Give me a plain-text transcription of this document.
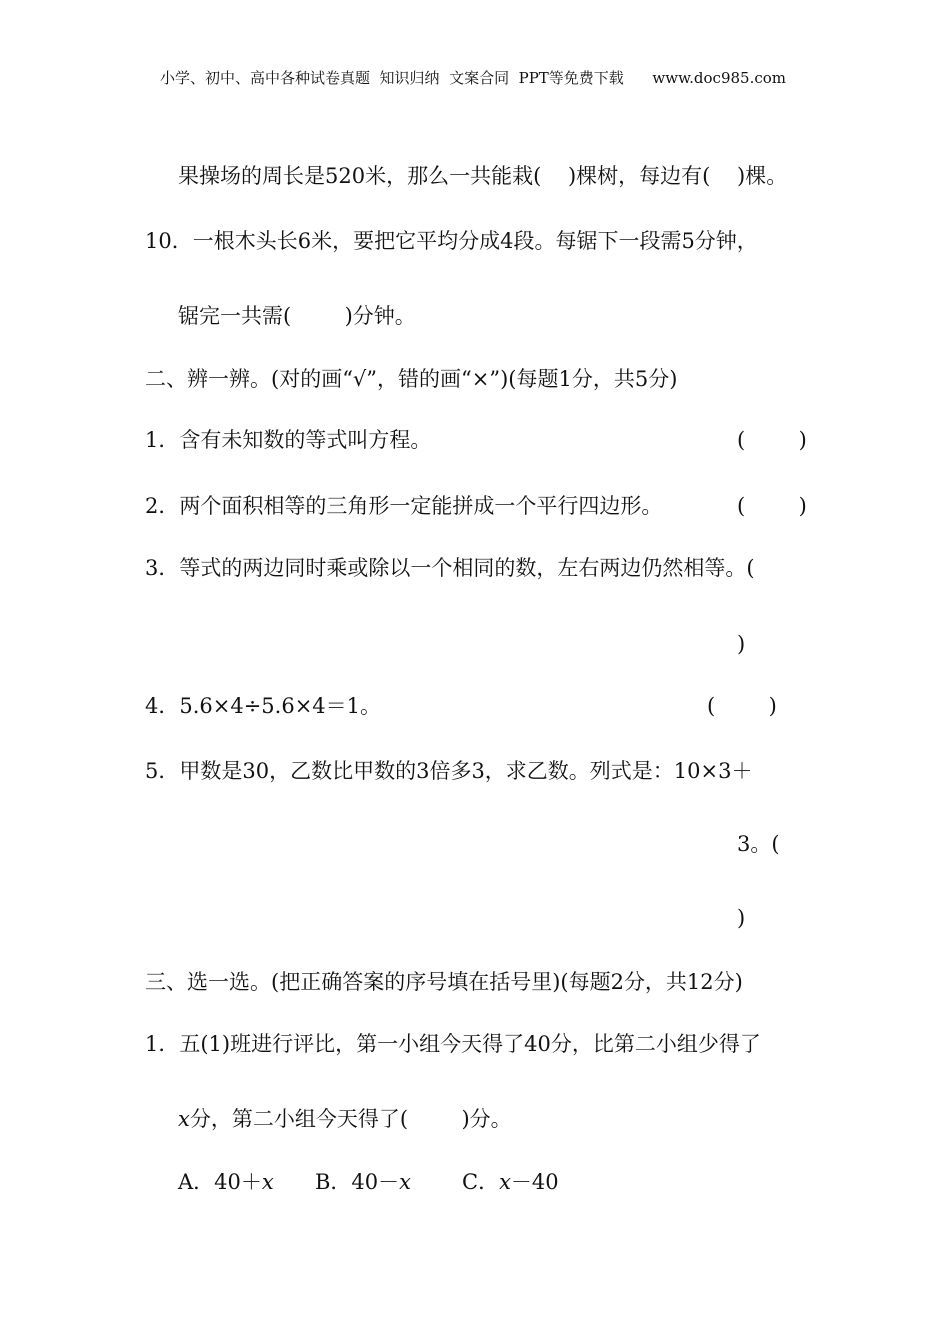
小学、初中、高中各种试卷真题  知识归纳  文案合同  PPT等免费下载      www.doc985.com
果操场的周长是520米，那么一共能栽(    )棵树，每边有(    )棵。
10．一根木头长6米，要把它平均分成4段。每锯下一段需5分钟，
锯完一共需(        )分钟。
二、辨一辨。(对的画“√”，错的画“×”)(每题1分，共5分)
1．含有未知数的等式叫方程。	(        )
2．两个面积相等的三角形一定能拼成一个平行四边形。	(        )
3．等式的两边同时乘或除以一个相同的数，左右两边仍然相等。(
)
4．5.6×4÷5.6×4＝1。	(        )
5．甲数是30，乙数比甲数的3倍多3，求乙数。列式是：10×3＋
3。(
)
三、选一选。(把正确答案的序号填在括号里)(每题2分，共12分)
1．五(1)班进行评比，第一小组今天得了40分，比第二小组少得了
x分，第二小组今天得了(        )分。
A．40＋x B．40－x C．x－40
